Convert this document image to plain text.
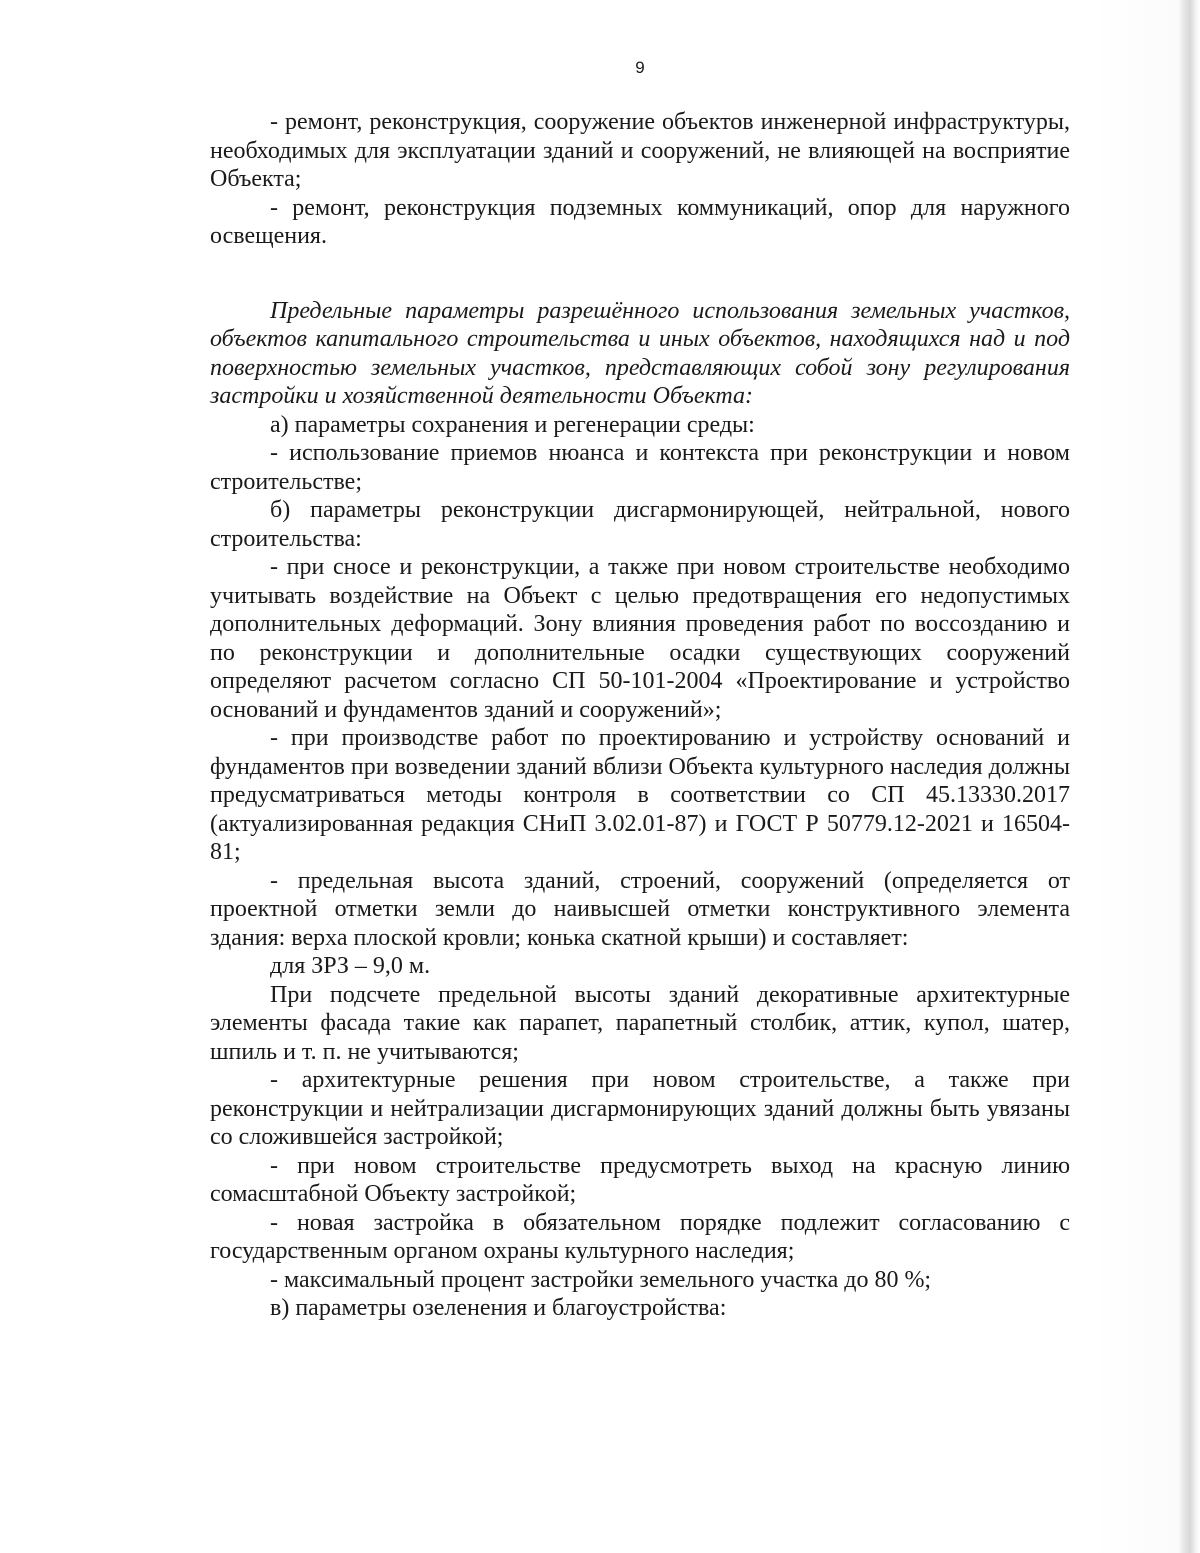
9

- ремонт, реконструкция, сооружение объектов инженерной инфраструктуры, необходимых для эксплуатации зданий и сооружений, не влияющей на восприятие Объекта;

- ремонт, реконструкция подземных коммуникаций, опор для наружного освещения.

Предельные параметры разрешённого использования земельных участков, объектов капитального строительства и иных объектов, находящихся над и под поверхностью земельных участков, представляющих собой зону регулирования застройки и хозяйственной деятельности Объекта:

а) параметры сохранения и регенерации среды:

- использование приемов нюанса и контекста при реконструкции и новом строительстве;

б) параметры реконструкции дисгармонирующей, нейтральной, нового строительства:

- при сносе и реконструкции, а также при новом строительстве необходимо учитывать воздействие на Объект с целью предотвращения его недопустимых дополнительных деформаций. Зону влияния проведения работ по воссозданию и по реконструкции и дополнительные осадки существующих сооружений определяют расчетом согласно СП 50-101-2004 «Проектирование и устройство оснований и фундаментов зданий и сооружений»;

- при производстве работ по проектированию и устройству оснований и фундаментов при возведении зданий вблизи Объекта культурного наследия должны предусматриваться методы контроля в соответствии со СП 45.13330.2017 (актуализированная редакция СНиП 3.02.01-87) и ГОСТ Р 50779.12-2021 и 16504-81;

- предельная высота зданий, строений, сооружений (определяется от проектной отметки земли до наивысшей отметки конструктивного элемента здания: верха плоской кровли; конька скатной крыши) и составляет:

для ЗРЗ – 9,0 м.

При подсчете предельной высоты зданий декоративные архитектурные элементы фасада такие как парапет, парапетный столбик, аттик, купол, шатер, шпиль и т. п. не учитываются;

- архитектурные решения при новом строительстве, а также при реконструкции и нейтрализации дисгармонирующих зданий должны быть увязаны со сложившейся застройкой;

- при новом строительстве предусмотреть выход на красную линию сомасштабной Объекту застройкой;

- новая застройка в обязательном порядке подлежит согласованию с государственным органом охраны культурного наследия;

- максимальный процент застройки земельного участка до 80 %;

в) параметры озеленения и благоустройства:
